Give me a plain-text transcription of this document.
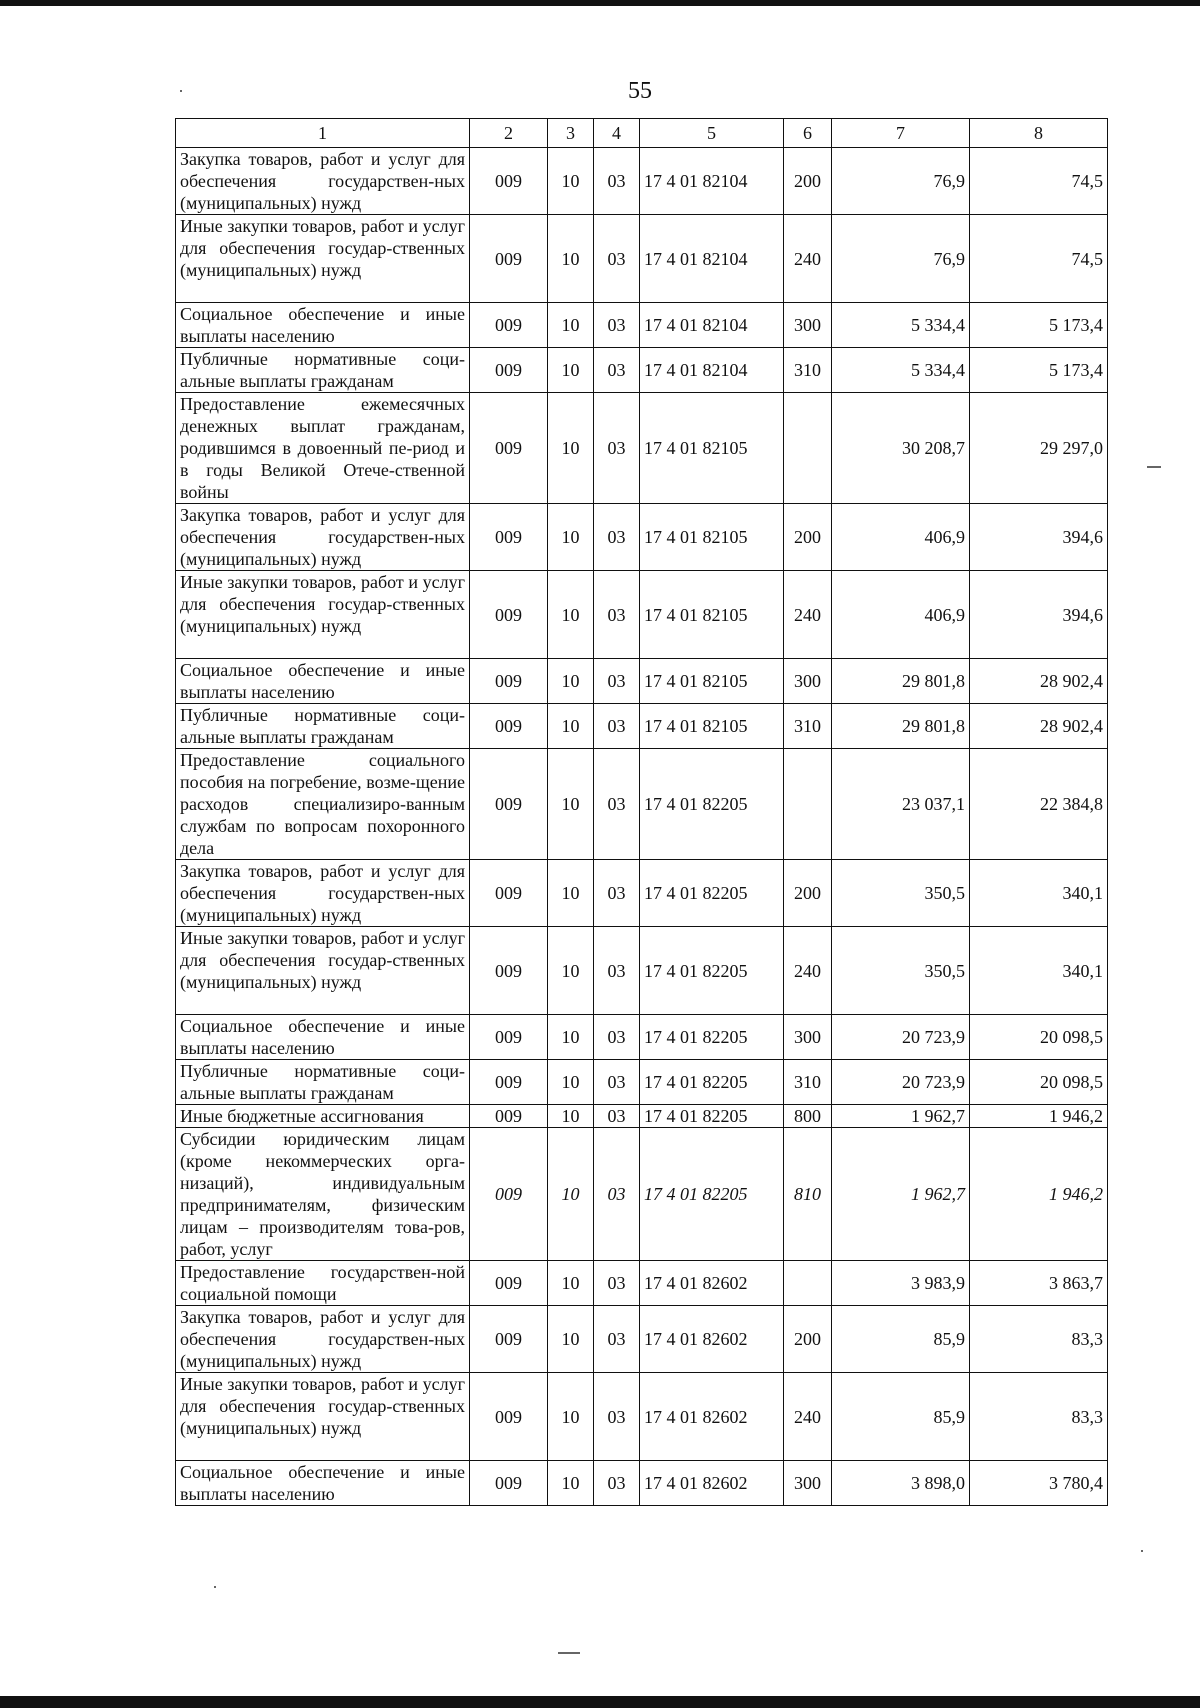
55
1	2	3	4	5	6	7	8
Закупка товаров, работ и услуг для обеспечения государствен-ных (муниципальных) нужд	009	10	03	17 4 01 82104	200	76,9	74,5
Иные закупки товаров, работ и услуг для обеспечения государ-ственных (муниципальных) нужд	009	10	03	17 4 01 82104	240	76,9	74,5
Социальное обеспечение и иные выплаты населению	009	10	03	17 4 01 82104	300	5 334,4	5 173,4
Публичные нормативные соци-альные выплаты гражданам	009	10	03	17 4 01 82104	310	5 334,4	5 173,4
Предоставление ежемесячных денежных выплат гражданам, родившимся в довоенный пе-риод и в годы Великой Отече-ственной войны	009	10	03	17 4 01 82105		30 208,7	29 297,0
Закупка товаров, работ и услуг для обеспечения государствен-ных (муниципальных) нужд	009	10	03	17 4 01 82105	200	406,9	394,6
Иные закупки товаров, работ и услуг для обеспечения государ-ственных (муниципальных) нужд	009	10	03	17 4 01 82105	240	406,9	394,6
Социальное обеспечение и иные выплаты населению	009	10	03	17 4 01 82105	300	29 801,8	28 902,4
Публичные нормативные соци-альные выплаты гражданам	009	10	03	17 4 01 82105	310	29 801,8	28 902,4
Предоставление социального пособия на погребение, возме-щение расходов специализиро-ванным службам по вопросам похоронного дела	009	10	03	17 4 01 82205		23 037,1	22 384,8
Закупка товаров, работ и услуг для обеспечения государствен-ных (муниципальных) нужд	009	10	03	17 4 01 82205	200	350,5	340,1
Иные закупки товаров, работ и услуг для обеспечения государ-ственных (муниципальных) нужд	009	10	03	17 4 01 82205	240	350,5	340,1
Социальное обеспечение и иные выплаты населению	009	10	03	17 4 01 82205	300	20 723,9	20 098,5
Публичные нормативные соци-альные выплаты гражданам	009	10	03	17 4 01 82205	310	20 723,9	20 098,5
Иные бюджетные ассигнования	009	10	03	17 4 01 82205	800	1 962,7	1 946,2
Субсидии юридическим лицам (кроме некоммерческих орга-низаций), индивидуальным предпринимателям, физическим лицам – производителям това-ров, работ, услуг	009	10	03	17 4 01 82205	810	1 962,7	1 946,2
Предоставление государствен-ной социальной помощи	009	10	03	17 4 01 82602		3 983,9	3 863,7
Закупка товаров, работ и услуг для обеспечения государствен-ных (муниципальных) нужд	009	10	03	17 4 01 82602	200	85,9	83,3
Иные закупки товаров, работ и услуг для обеспечения государ-ственных (муниципальных) нужд	009	10	03	17 4 01 82602	240	85,9	83,3
Социальное обеспечение и иные выплаты населению	009	10	03	17 4 01 82602	300	3 898,0	3 780,4
